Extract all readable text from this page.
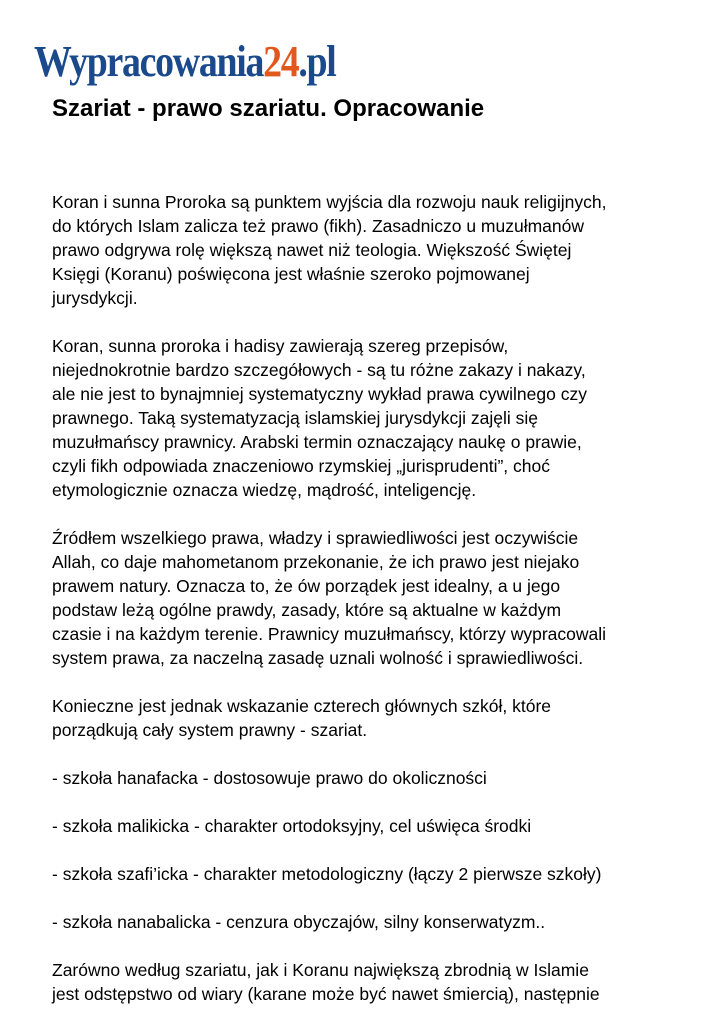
Wypracowania 24 .pl
Szariat - prawo szariatu. Opracowanie

Koran i sunna Proroka są punktem wyjścia dla rozwoju nauk religijnych,
do których Islam zalicza też prawo (fikh). Zasadniczo u muzułmanów
prawo odgrywa rolę większą nawet niż teologia. Większość Świętej
Księgi (Koranu) poświęcona jest właśnie szeroko pojmowanej
jurysdykcji.

Koran, sunna proroka i hadisy zawierają szereg przepisów,
niejednokrotnie bardzo szczegółowych - są tu różne zakazy i nakazy,
ale nie jest to bynajmniej systematyczny wykład prawa cywilnego czy
prawnego. Taką systematyzacją islamskiej jurysdykcji zajęli się
muzułmańscy prawnicy. Arabski termin oznaczający naukę o prawie,
czyli fikh odpowiada znaczeniowo rzymskiej „jurisprudenti”, choć
etymologicznie oznacza wiedzę, mądrość, inteligencję.

Źródłem wszelkiego prawa, władzy i sprawiedliwości jest oczywiście
Allah, co daje mahometanom przekonanie, że ich prawo jest niejako
prawem natury. Oznacza to, że ów porządek jest idealny, a u jego
podstaw leżą ogólne prawdy, zasady, które są aktualne w każdym
czasie i na każdym terenie. Prawnicy muzułmańscy, którzy wypracowali
system prawa, za naczelną zasadę uznali wolność i sprawiedliwości.

Konieczne jest jednak wskazanie czterech głównych szkół, które
porządkują cały system prawny - szariat.

- szkoła hanafacka - dostosowuje prawo do okoliczności

- szkoła malikicka - charakter ortodoksyjny, cel uświęca środki

- szkoła szafi’icka - charakter metodologiczny (łączy 2 pierwsze szkoły)

- szkoła nanabalicka - cenzura obyczajów, silny konserwatyzm..

Zarówno według szariatu, jak i Koranu największą zbrodnią w Islamie
jest odstępstwo od wiary (karane może być nawet śmiercią), następnie
